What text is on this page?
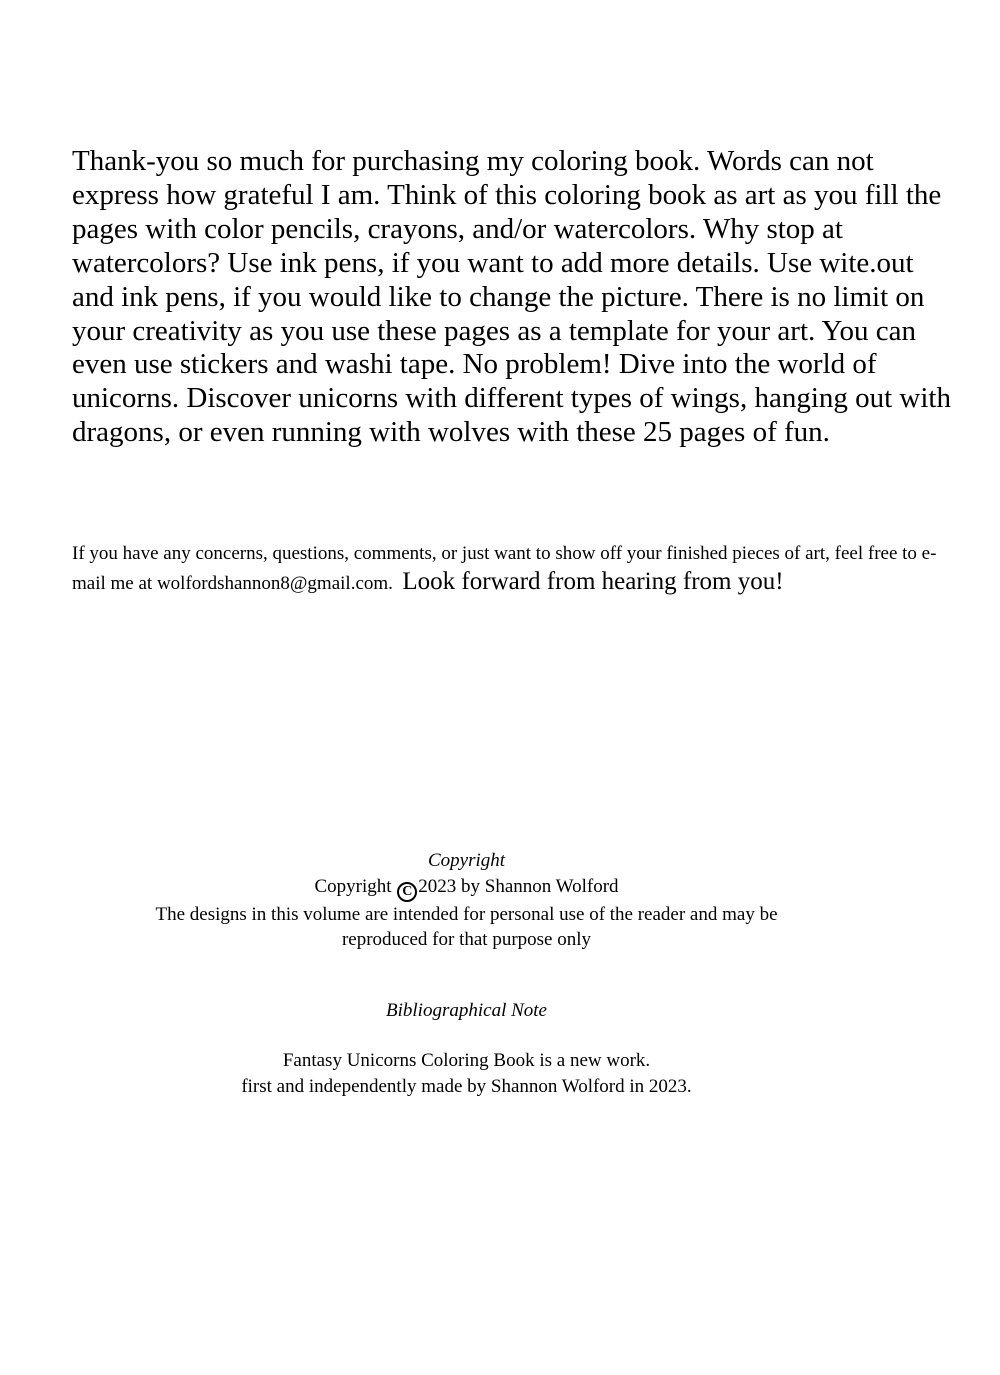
Thank-you so much for purchasing my coloring book. Words can not express how grateful I am. Think of this coloring book as art as you fill the pages with color pencils, crayons, and/or watercolors. Why stop at watercolors? Use ink pens, if you want to add more details. Use wite.out and ink pens, if you would like to change the picture. There is no limit on your creativity as you use these pages as a template for your art. You can even use stickers and washi tape. No problem! Dive into the world of unicorns. Discover unicorns with different types of wings, hanging out with dragons, or even running with wolves with these 25 pages of fun.

If you have any concerns, questions, comments, or just want to show off your finished pieces of art, feel free to e-mail me at wolfordshannon8@gmail.com. Look forward from hearing from you!

Copyright
Copyright C 2023 by Shannon Wolford
The designs in this volume are intended for personal use of the reader and may be
reproduced for that purpose only
Bibliographical Note
Fantasy Unicorns Coloring Book is a new work.
first and independently made by Shannon Wolford in 2023.
